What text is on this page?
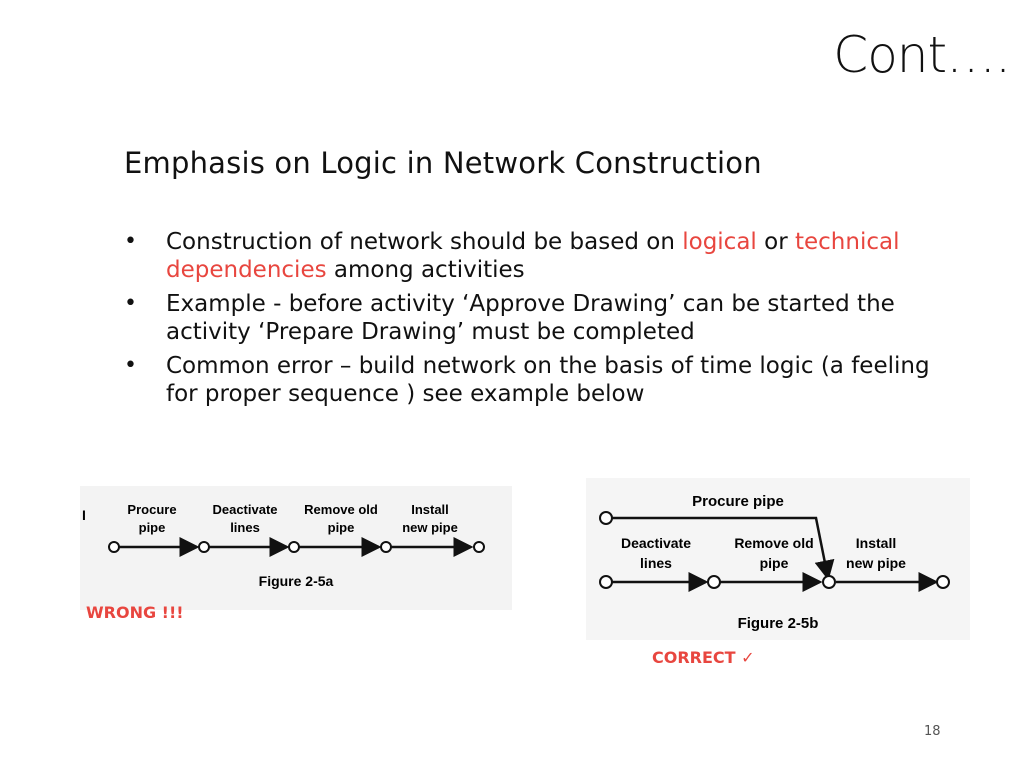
Cont….
Emphasis on Logic in Network Construction
• Construction of network should be based on logical or technical dependencies among activities
• Example - before activity ‘Approve Drawing’ can be started the activity ‘Prepare Drawing’ must be completed
• Common error – build network on the basis of time logic (a feeling for proper sequence ) see example below
I	Procure
pipe
Deactivate
lines
Remove old
pipe
Install
new pipe
Figure 2-5a
WRONG !!!
Procure pipe
Deactivate
lines
Remove old
pipe
Install
new pipe
Figure 2-5b
CORRECT ✓
18
